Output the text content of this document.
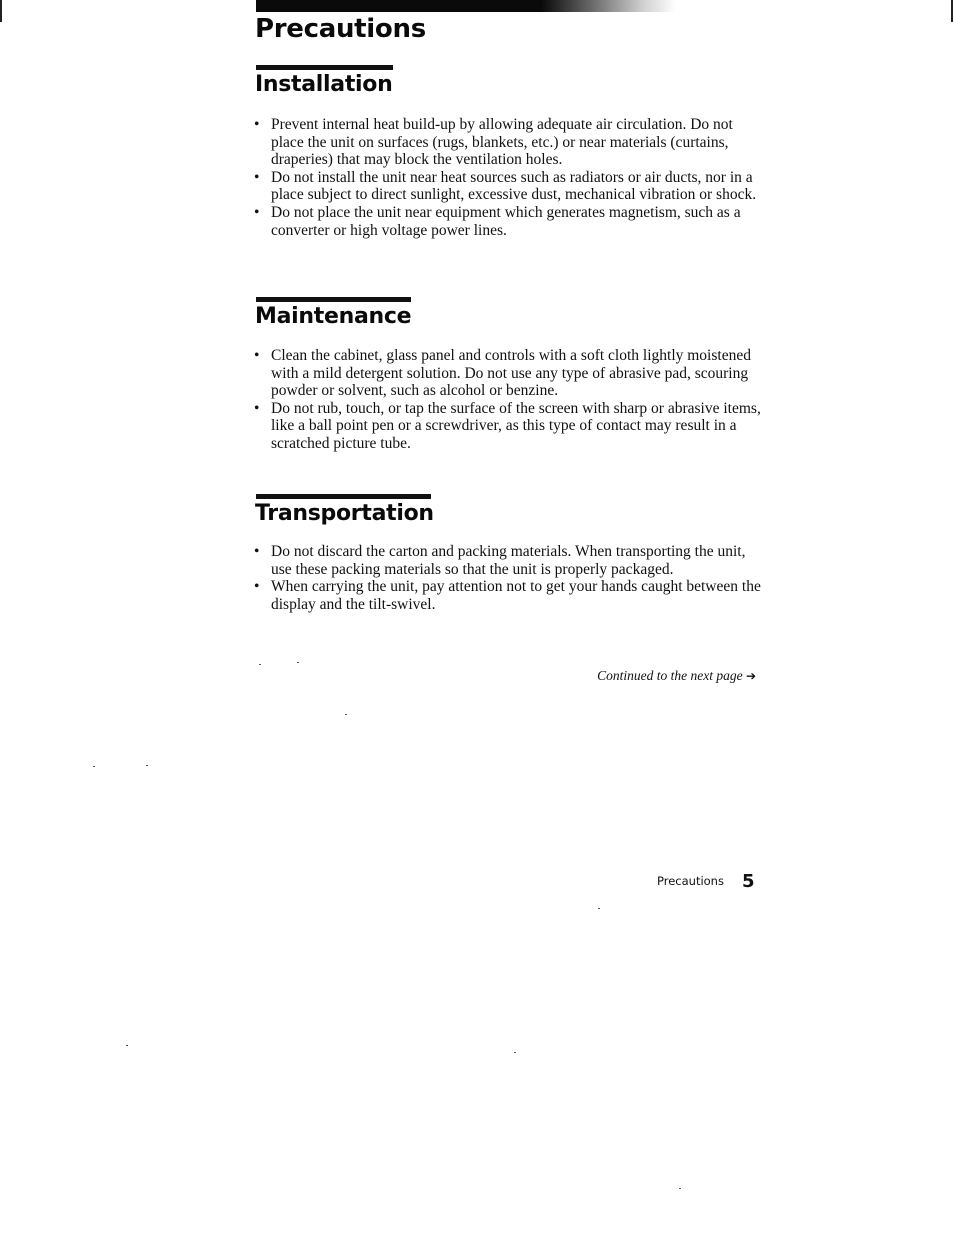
Precautions
Installation
• Prevent internal heat build-up by allowing adequate air circulation. Do not place the unit on surfaces (rugs, blankets, etc.) or near materials (curtains, draperies) that may block the ventilation holes.
• Do not install the unit near heat sources such as radiators or air ducts, nor in a place subject to direct sunlight, excessive dust, mechanical vibration or shock.
• Do not place the unit near equipment which generates magnetism, such as a converter or high voltage power lines.
Maintenance
• Clean the cabinet, glass panel and controls with a soft cloth lightly moistened with a mild detergent solution. Do not use any type of abrasive pad, scouring powder or solvent, such as alcohol or benzine.
• Do not rub, touch, or tap the surface of the screen with sharp or abrasive items, like a ball point pen or a screwdriver, as this type of contact may result in a scratched picture tube.
Transportation
• Do not discard the carton and packing materials. When transporting the unit, use these packing materials so that the unit is properly packaged.
• When carrying the unit, pay attention not to get your hands caught between the display and the tilt-swivel.
Continued to the next page ➔
Precautions 5
